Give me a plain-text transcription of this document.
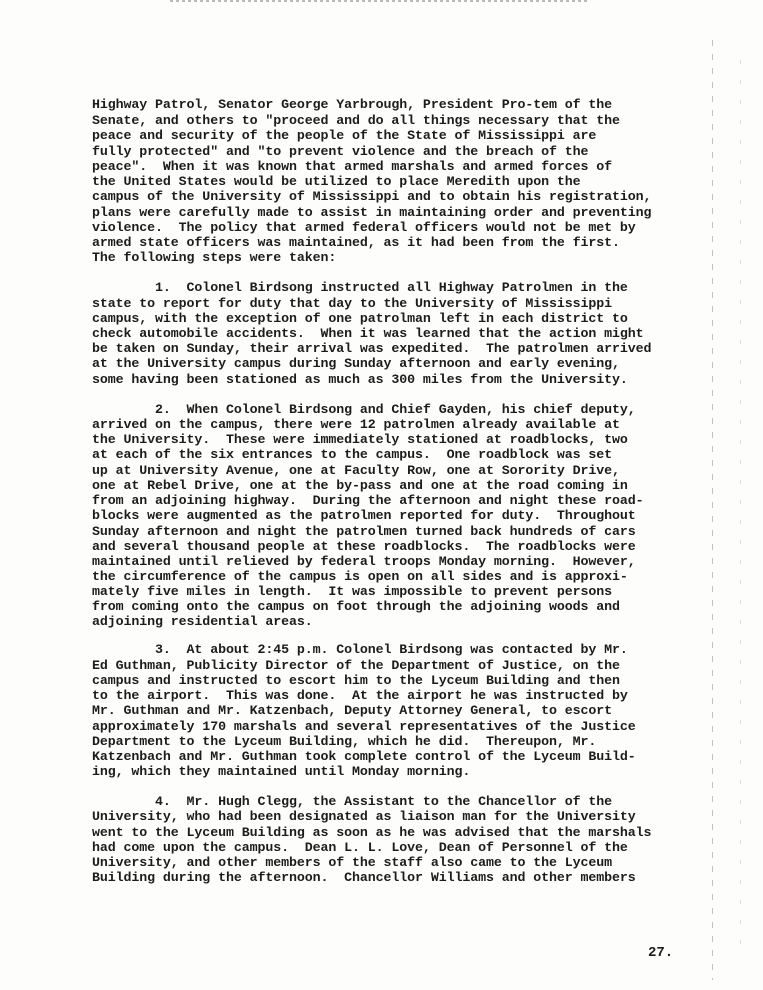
Highway Patrol, Senator George Yarbrough, President Pro-tem of the
Senate, and others to "proceed and do all things necessary that the
peace and security of the people of the State of Mississippi are
fully protected" and "to prevent violence and the breach of the
peace".  When it was known that armed marshals and armed forces of
the United States would be utilized to place Meredith upon the
campus of the University of Mississippi and to obtain his registration,
plans were carefully made to assist in maintaining order and preventing
violence.  The policy that armed federal officers would not be met by
armed state officers was maintained, as it had been from the first.
The following steps were taken:
1.  Colonel Birdsong instructed all Highway Patrolmen in the
state to report for duty that day to the University of Mississippi
campus, with the exception of one patrolman left in each district to
check automobile accidents.  When it was learned that the action might
be taken on Sunday, their arrival was expedited.  The patrolmen arrived
at the University campus during Sunday afternoon and early evening,
some having been stationed as much as 300 miles from the University.
2.  When Colonel Birdsong and Chief Gayden, his chief deputy,
arrived on the campus, there were 12 patrolmen already available at
the University.  These were immediately stationed at roadblocks, two
at each of the six entrances to the campus.  One roadblock was set
up at University Avenue, one at Faculty Row, one at Sorority Drive,
one at Rebel Drive, one at the by-pass and one at the road coming in
from an adjoining highway.  During the afternoon and night these road-
blocks were augmented as the patrolmen reported for duty.  Throughout
Sunday afternoon and night the patrolmen turned back hundreds of cars
and several thousand people at these roadblocks.  The roadblocks were
maintained until relieved by federal troops Monday morning.  However,
the circumference of the campus is open on all sides and is approxi-
mately five miles in length.  It was impossible to prevent persons
from coming onto the campus on foot through the adjoining woods and
adjoining residential areas.
3.  At about 2:45 p.m. Colonel Birdsong was contacted by Mr.
Ed Guthman, Publicity Director of the Department of Justice, on the
campus and instructed to escort him to the Lyceum Building and then
to the airport.  This was done.  At the airport he was instructed by
Mr. Guthman and Mr. Katzenbach, Deputy Attorney General, to escort
approximately 170 marshals and several representatives of the Justice
Department to the Lyceum Building, which he did.  Thereupon, Mr.
Katzenbach and Mr. Guthman took complete control of the Lyceum Build-
ing, which they maintained until Monday morning.
4.  Mr. Hugh Clegg, the Assistant to the Chancellor of the
University, who had been designated as liaison man for the University
went to the Lyceum Building as soon as he was advised that the marshals
had come upon the campus.  Dean L. L. Love, Dean of Personnel of the
University, and other members of the staff also came to the Lyceum
Building during the afternoon.  Chancellor Williams and other members
27.
